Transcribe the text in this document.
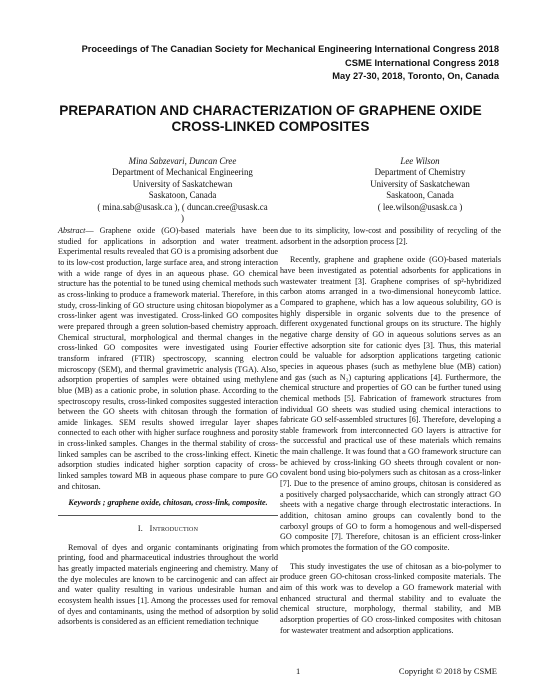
Proceedings of The Canadian Society for Mechanical Engineering International Congress 2018
CSME International Congress 2018
May 27-30, 2018, Toronto, On, Canada
PREPARATION AND CHARACTERIZATION OF GRAPHENE OXIDE CROSS-LINKED COMPOSITES
Mina Sabzevari, Duncan Cree
Department of Mechanical Engineering
University of Saskatchewan
Saskatoon, Canada
( mina.sab@usask.ca ), ( duncan.cree@usask.ca )
Lee Wilson
Department of Chemistry
University of Saskatchewan
Saskatoon, Canada
( lee.wilson@usask.ca )

Abstract— Graphene oxide (GO)-based materials have been studied for applications in adsorption and water treatment. Experimental results revealed that GO is a promising adsorbent due to its low-cost production, large surface area, and strong interaction with a wide range of dyes in an aqueous phase. GO chemical structure has the potential to be tuned using chemical methods such as cross-linking to produce a framework material. Therefore, in this study, cross-linking of GO structure using chitosan biopolymer as a cross-linker agent was investigated. Cross-linked GO composites were prepared through a green solution-based chemistry approach. Chemical structural, morphological and thermal changes in the cross-linked GO composites were investigated using Fourier transform infrared (FTIR) spectroscopy, scanning electron microscopy (SEM), and thermal gravimetric analysis (TGA). Also, adsorption properties of samples were obtained using methylene blue (MB) as a cationic probe, in solution phase. According to the spectroscopy results, cross-linked composites suggested interaction between the GO sheets with chitosan through the formation of amide linkages. SEM results showed irregular layer shapes connected to each other with higher surface roughness and porosity in cross-linked samples. Changes in the thermal stability of cross-linked samples can be ascribed to the cross-linking effect. Kinetic adsorption studies indicated higher sorption capacity of cross-linked samples toward MB in aqueous phase compare to pure GO and chitosan.

Keywords ; graphene oxide, chitosan, cross-link, composite.

I. Introduction

Removal of dyes and organic contaminants originating from printing, food and pharmaceutical industries throughout the world has greatly impacted materials engineering and chemistry. Many of the dye molecules are known to be carcinogenic and can affect air and water quality resulting in various undesirable human and ecosystem health issues [1]. Among the processes used for removal of dyes and contaminants, using the method of adsorption by solid adsorbents is considered as an efficient remediation technique

due to its simplicity, low-cost and possibility of recycling of the adsorbent in the adsorption process [2].

Recently, graphene and graphene oxide (GO)-based materials have been investigated as potential adsorbents for applications in wastewater treatment [3]. Graphene comprises of sp²-hybridized carbon atoms arranged in a two-dimensional honeycomb lattice. Compared to graphene, which has a low aqueous solubility, GO is highly dispersible in organic solvents due to the presence of different oxygenated functional groups on its structure. The highly negative charge density of GO in aqueous solutions serves as an effective adsorption site for cationic dyes [3]. Thus, this material could be valuable for adsorption applications targeting cationic species in aqueous phases (such as methylene blue (MB) cation) and gas (such as N₂) capturing applications [4]. Furthermore, the chemical structure and properties of GO can be further tuned using chemical methods [5]. Fabrication of framework structures from individual GO sheets was studied using chemical interactions to fabricate GO self-assembled structures [6]. Therefore, developing a stable framework from interconnected GO layers is attractive for the successful and practical use of these materials which remains the main challenge. It was found that a GO framework structure can be achieved by cross-linking GO sheets through covalent or non-covalent bond using bio-polymers such as chitosan as a cross-linker [7]. Due to the presence of amino groups, chitosan is considered as a positively charged polysaccharide, which can strongly attract GO sheets with a negative charge through electrostatic interactions. In addition, chitosan amino groups can covalently bond to the carboxyl groups of GO to form a homogenous and well-dispersed GO composite [7]. Therefore, chitosan is an efficient cross-linker which promotes the formation of the GO composite.

This study investigates the use of chitosan as a bio-polymer to produce green GO-chitosan cross-linked composite materials. The aim of this work was to develop a GO framework material with enhanced structural and thermal stability and to evaluate the chemical structure, morphology, thermal stability, and MB adsorption properties of GO cross-linked composites with chitosan for wastewater treatment and adsorption applications.

1	Copyright © 2018 by CSME
